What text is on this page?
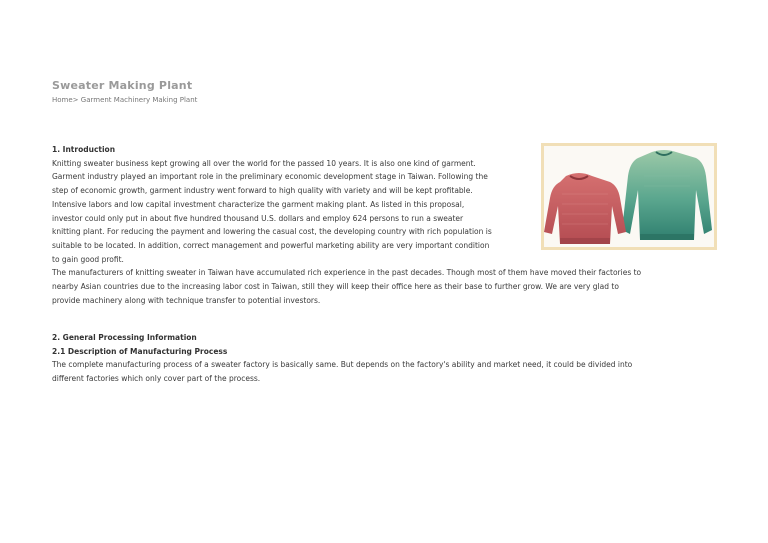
Sweater Making Plant
Home> Garment Machinery Making Plant
1. Introduction
Knitting sweater business kept growing all over the world for the passed 10 years. It is also one kind of garment.
Garment industry played an important role in the preliminary economic development stage in Taiwan. Following the
step of economic growth, garment industry went forward to high quality with variety and will be kept profitable.
Intensive labors and low capital investment characterize the garment making plant. As listed in this proposal,
investor could only put in about five hundred thousand U.S. dollars and employ 624 persons to run a sweater
knitting plant. For reducing the payment and lowering the casual cost, the developing country with rich population is
suitable to be located. In addition, correct management and powerful marketing ability are very important condition
to gain good profit.
The manufacturers of knitting sweater in Taiwan have accumulated rich experience in the past decades. Though most of them have moved their factories to
nearby Asian countries due to the increasing labor cost in Taiwan, still they will keep their office here as their base to further grow. We are very glad to
provide machinery along with technique transfer to potential investors.
2. General Processing Information
2.1 Description of Manufacturing Process
The complete manufacturing process of a sweater factory is basically same. But depends on the factory's ability and market need, it could be divided into
different factories which only cover part of the process.
